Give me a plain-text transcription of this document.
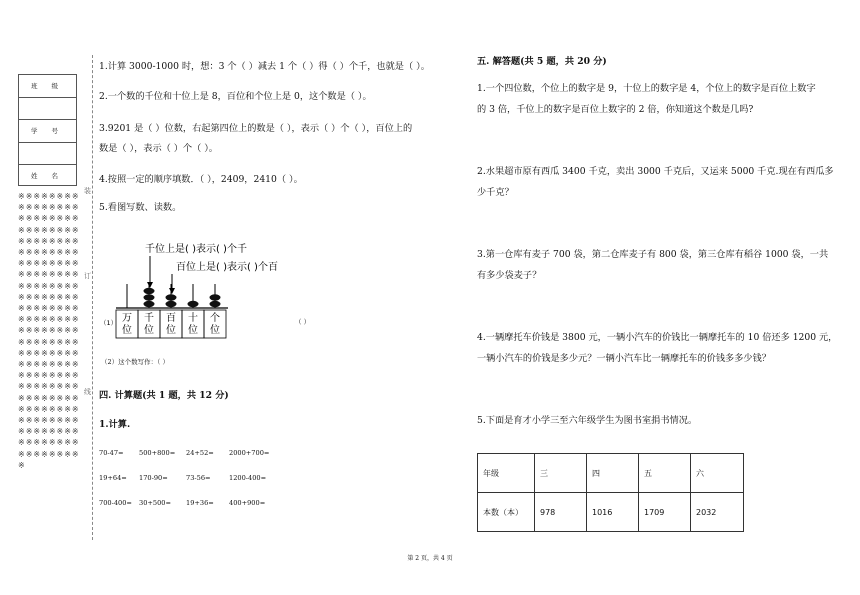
班 级
学 号
姓 名
※※※※※※※※※※※※※※※※※※※※※※※※※※※※※※※※※※※※※※※※※※※※※※※※※※※※※※※※※※※※※※※※※※※※※※※※※※※※※※※※※※※※※※※※※※※※※※※※※※※※※※※※※※※※※※※※※※※※※※※※※※※※※※※※※※※※※※※※※※※※※※※※※※※※※※※※※※※※※※※※※※※※※※※※※※※※※※※※※※※※※※※※※※※※※※※※※
装
订
线
1.计算 3000-1000 时，想：3 个（ ）减去 1 个（ ）得（ ）个千，也就是（ ）。
2.一个数的千位和十位上是 8，百位和个位上是 0，这个数是（ ）。
3.9201 是（ ）位数，右起第四位上的数是（ ），表示（ ）个（ ），百位上的
数是（ ），表示（ ）个（ ）。
4.按照一定的顺序填数．（ ），2409，2410（ ）。
5.看图写数、读数。
千位上是( )表示( )个千
百位上是( )表示( )个百
万
位
千
位
百
位
十
位
个
位
（1）	（ ）
（2）这个数写作：（ ）
四. 计算题(共 1 题，共 12 分)
1.计算.
70-47= 500+800= 24+52= 2000+700=
19+64= 170-90=	73-56=	1200-400=
700-400= 30+500= 19+36= 400+900=
五. 解答题(共 5 题，共 20 分)
1.一个四位数，个位上的数字是 9，十位上的数字是 4，个位上的数字是百位上数字
的 3 倍，千位上的数字是百位上数字的 2 倍，你知道这个数是几吗?
2.水果超市原有西瓜 3400 千克，卖出 3000 千克后，又运来 5000 千克.现在有西瓜多
少千克？
3.第一仓库有麦子 700 袋，第二仓库麦子有 800 袋，第三仓库有稻谷 1000 袋，一共
有多少袋麦子？
4.一辆摩托车价钱是 3800 元，一辆小汽车的价钱比一辆摩托车的 10 倍还多 1200 元，
一辆小汽车的价钱是多少元？一辆小汽车比一辆摩托车的价钱多多少钱？
5.下面是育才小学三至六年级学生为图书室捐书情况。
年级	三	四	五	六
本数（本）	978	1016	1709	2032
第 2 页，共 4 页
